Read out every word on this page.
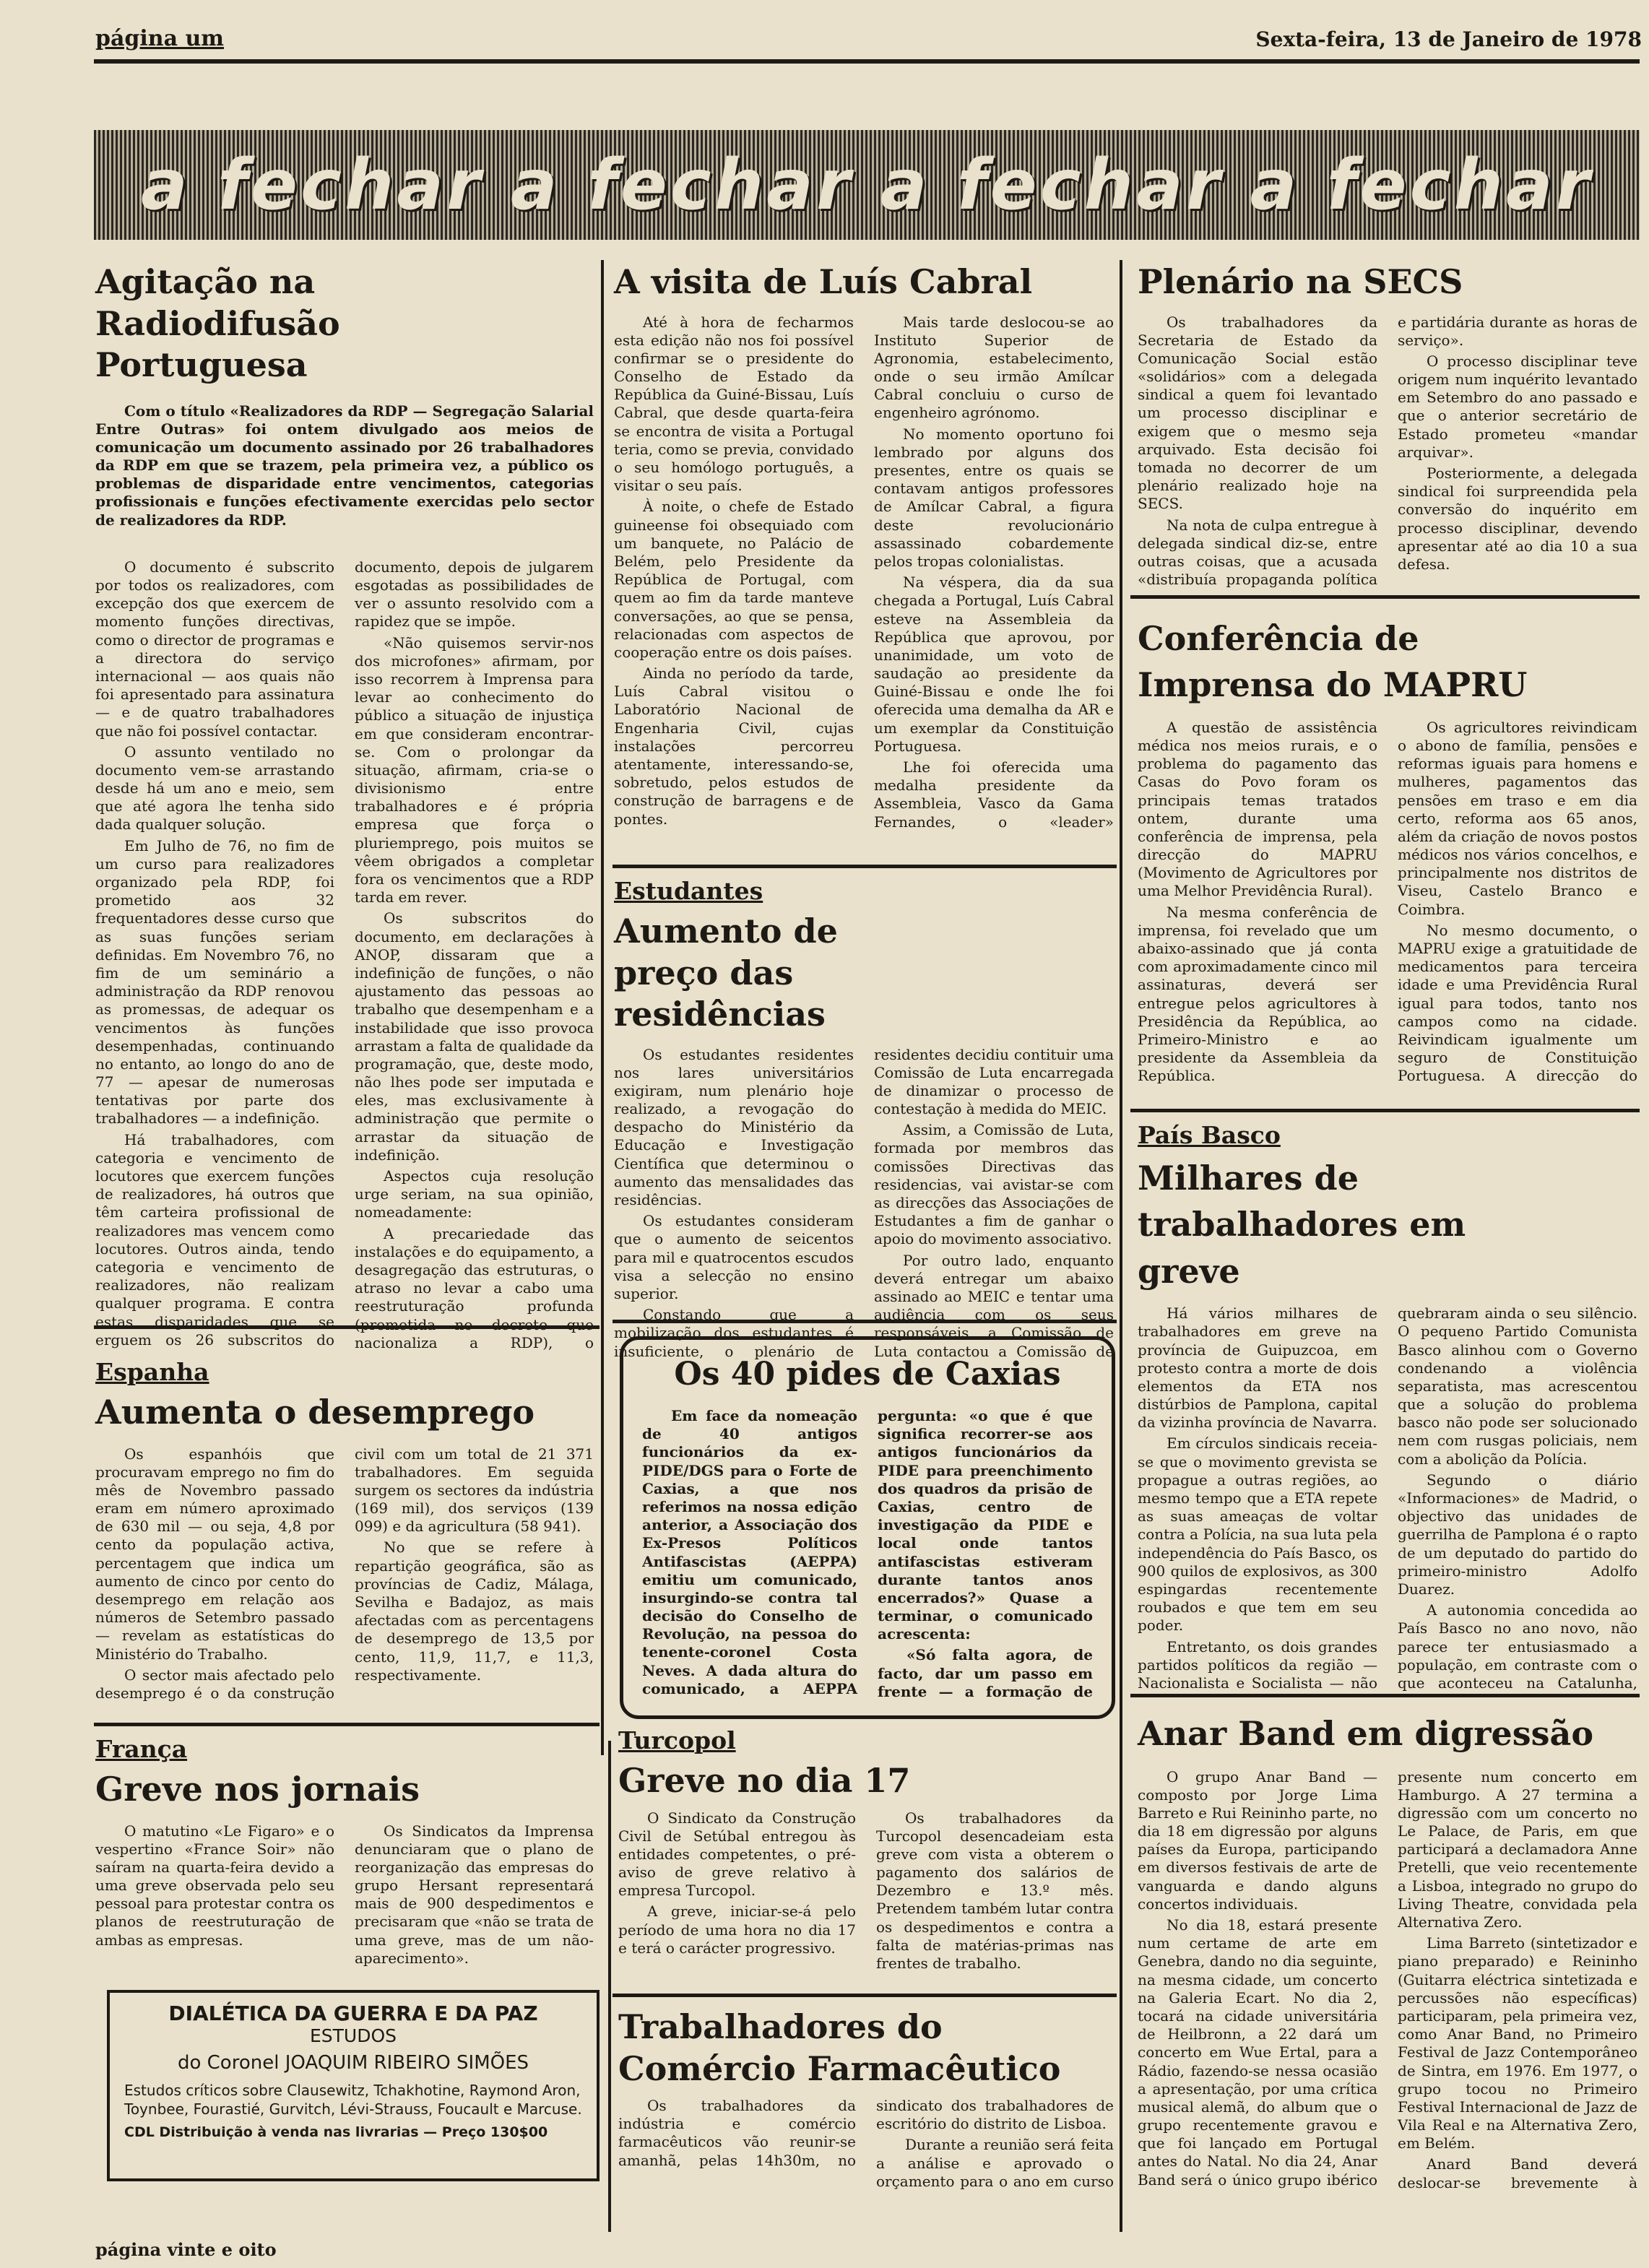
página um	Sexta-feira, 13 de Janeiro de 1978
a fechar a fechar a fechar a fechar
Agitação na Radiodifusão Portuguesa

Com o título «Realizadores da RDP — Segregação Salarial Entre Outras» foi ontem divulgado aos meios de comunicação um documento assinado por 26 trabalhadores da RDP em que se trazem, pela primeira vez, a público os problemas de disparidade entre vencimentos, categorias profissionais e funções efectivamente exercidas pelo sector de realizadores da RDP.

O documento é subscrito por todos os realizadores, com excepção dos que exercem de momento funções directivas, como o director de programas e a directora do serviço internacional — aos quais não foi apresentado para assinatura — e de quatro trabalhadores que não foi possível contactar.

O assunto ventilado no documento vem-se arrastando desde há um ano e meio, sem que até agora lhe tenha sido dada qualquer solução.

Em Julho de 76, no fim de um curso para realizadores organizado pela RDP, foi prometido aos 32 frequentadores desse curso que as suas funções seriam definidas. Em Novembro 76, no fim de um seminário a administração da RDP renovou as promessas, de adequar os vencimentos às funções desempenhadas, continuando no entanto, ao longo do ano de 77 — apesar de numerosas tentativas por parte dos trabalhadores — a indefinição.

Há trabalhadores, com categoria e vencimento de locutores que exercem funções de realizadores, há outros que têm carteira profissional de realizadores mas vencem como locutores. Outros ainda, tendo categoria e vencimento de realizadores, não realizam qualquer programa. E contra estas disparidades que se erguem os 26 subscritos do documento, depois de julgarem esgotadas as possibilidades de ver o assunto resolvido com a rapidez que se impõe.

«Não quisemos servir-nos dos microfones» afirmam, por isso recorrem à Imprensa para levar ao conhecimento do público a situação de injustiça em que consideram encontrar-se. Com o prolongar da situação, afirmam, cria-se o divisionismo entre trabalhadores e é própria empresa que força o pluriemprego, pois muitos se vêem obrigados a completar fora os vencimentos que a RDP tarda em rever.

Os subscritos do documento, em declarações à ANOP, dissaram que a indefinição de funções, o não ajustamento das pessoas ao trabalho que desempenham e a instabilidade que isso provoca arrastam a falta de qualidade da programação, que, deste modo, não lhes pode ser imputada e eles, mas exclusivamente à administração que permite o arrastar da situação de indefinição.

Aspectos cuja resolução urge seriam, na sua opinião, nomeadamente:

A precariedade das instalações e do equipamento, a desagregação das estruturas, o atraso no levar a cabo uma reestruturação profunda (prometida no decreto que nacionaliza a RDP), o

A visita de Luís Cabral

Até à hora de fecharmos esta edição não nos foi possível confirmar se o presidente do Conselho de Estado da República da Guiné-Bissau, Luís Cabral, que desde quarta-feira se encontra de visita a Portugal teria, como se previa, convidado o seu homólogo português, a visitar o seu país.

À noite, o chefe de Estado guineense foi obsequiado com um banquete, no Palácio de Belém, pelo Presidente da República de Portugal, com quem ao fim da tarde manteve conversações, ao que se pensa, relacionadas com aspectos de cooperação entre os dois países.

Ainda no período da tarde, Luís Cabral visitou o Laboratório Nacional de Engenharia Civil, cujas instalações percorreu atentamente, interessando-se, sobretudo, pelos estudos de construção de barragens e de pontes.

Mais tarde deslocou-se ao Instituto Superior de Agronomia, estabelecimento, onde o seu irmão Amílcar Cabral concluiu o curso de engenheiro agrónomo.

No momento oportuno foi lembrado por alguns dos presentes, entre os quais se contavam antigos professores de Amílcar Cabral, a figura deste revolucionário assassinado cobardemente pelos tropas colonialistas.

Na véspera, dia da sua chegada a Portugal, Luís Cabral esteve na Assembleia da República que aprovou, por unanimidade, um voto de saudação ao presidente da Guiné-Bissau e onde lhe foi oferecida uma demalha da AR e um exemplar da Constituição Portuguesa.

Lhe foi oferecida uma medalha presidente da Assembleia, Vasco da Gama Fernandes, o «leader»

Plenário na SECS

Os trabalhadores da Secretaria de Estado da Comunicação Social estão «solidários» com a delegada sindical a quem foi levantado um processo disciplinar e exigem que o mesmo seja arquivado. Esta decisão foi tomada no decorrer de um plenário realizado hoje na SECS.

Na nota de culpa entregue à delegada sindical diz-se, entre outras coisas, que a acusada «distribuía propaganda política e partidária durante as horas de serviço».

O processo disciplinar teve origem num inquérito levantado em Setembro do ano passado e que o anterior secretário de Estado prometeu «mandar arquivar».

Posteriormente, a delegada sindical foi surpreendida pela conversão do inquérito em processo disciplinar, devendo apresentar até ao dia 10 a sua defesa.

Conferência de Imprensa do MAPRU

A questão de assistência médica nos meios rurais, e o problema do pagamento das Casas do Povo foram os principais temas tratados ontem, durante uma conferência de imprensa, pela direcção do MAPRU (Movimento de Agricultores por uma Melhor Previdência Rural).

Na mesma conferência de imprensa, foi revelado que um abaixo-assinado que já conta com aproximadamente cinco mil assinaturas, deverá ser entregue pelos agricultores à Presidência da República, ao Primeiro-Ministro e ao presidente da Assembleia da República.

Os agricultores reivindicam o abono de família, pensões e reformas iguais para homens e mulheres, pagamentos das pensões em traso e em dia certo, reforma aos 65 anos, além da criação de novos postos médicos nos vários concelhos, e principalmente nos distritos de Viseu, Castelo Branco e Coimbra.

No mesmo documento, o MAPRU exige a gratuitidade de medicamentos para terceira idade e uma Previdência Rural igual para todos, tanto nos campos como na cidade. Reivindicam igualmente um seguro de Constituição Portuguesa. A direcção do

Estudantes
Aumento de preço das residências

Os estudantes residentes nos lares universitários exigiram, num plenário hoje realizado, a revogação do despacho do Ministério da Educação e Investigação Científica que determinou o aumento das mensalidades das residências.

Os estudantes consideram que o aumento de seicentos para mil e quatrocentos escudos visa a selecção no ensino superior.

Constando que a mobilização dos estudantes é insuficiente, o plenário de residentes decidiu contituir uma Comissão de Luta encarregada de dinamizar o processo de contestação à medida do MEIC.

Assim, a Comissão de Luta, formada por membros das comissões Directivas das residencias, vai avistar-se com as direcções das Associações de Estudantes a fim de ganhar o apoio do movimento associativo.

Por outro lado, enquanto deverá entregar um abaixo assinado ao MEIC e tentar uma audiência com os seus responsáveis, a Comissão de Luta contactou a Comissão de

País Basco
Milhares de trabalhadores em greve

Há vários milhares de trabalhadores em greve na província de Guipuzcoa, em protesto contra a morte de dois elementos da ETA nos distúrbios de Pamplona, capital da vizinha província de Navarra.

Em círculos sindicais receia-se que o movimento grevista se propague a outras regiões, ao mesmo tempo que a ETA repete as suas ameaças de voltar contra a Polícia, na sua luta pela independência do País Basco, os 900 quilos de explosivos, as 300 espingardas recentemente roubados e que tem em seu poder.

Entretanto, os dois grandes partidos políticos da região — Nacionalista e Socialista — não quebraram ainda o seu silêncio. O pequeno Partido Comunista Basco alinhou com o Governo condenando a violência separatista, mas acrescentou que a solução do problema basco não pode ser solucionado nem com rusgas policiais, nem com a abolição da Polícia.

Segundo o diário «Informaciones» de Madrid, o objectivo das unidades de guerrilha de Pamplona é o rapto de um deputado do partido do primeiro-ministro Adolfo Duarez.

A autonomia concedida ao País Basco no ano novo, não parece ter entusiasmado a população, em contraste com o que aconteceu na Catalunha,

Espanha
Aumenta o desemprego

Os espanhóis que procuravam emprego no fim do mês de Novembro passado eram em número aproximado de 630 mil — ou seja, 4,8 por cento da população activa, percentagem que indica um aumento de cinco por cento do desemprego em relação aos números de Setembro passado — revelam as estatísticas do Ministério do Trabalho.

O sector mais afectado pelo desemprego é o da construção civil com um total de 21 371 trabalhadores. Em seguida surgem os sectores da indústria (169 mil), dos serviços (139 099) e da agricultura (58 941).

No que se refere à repartição geográfica, são as províncias de Cadiz, Málaga, Sevilha e Badajoz, as mais afectadas com as percentagens de desemprego de 13,5 por cento, 11,9, 11,7, e 11,3, respectivamente.

Os 40 pides de Caxias

Em face da nomeação de 40 antigos funcionários da ex-PIDE/DGS para o Forte de Caxias, a que nos referimos na nossa edição anterior, a Associação dos Ex-Presos Políticos Antifascistas (AEPPA) emitiu um comunicado, insurgindo-se contra tal decisão do Conselho de Revolução, na pessoa do tenente-coronel Costa Neves. A dada altura do comunicado, a AEPPA pergunta: «o que é que significa recorrer-se aos antigos funcionários da PIDE para preenchimento dos quadros da prisão de Caxias, centro de investigação da PIDE e local onde tantos antifascistas estiveram durante tantos anos encerrados?» Quase a terminar, o comunicado acrescenta:

«Só falta agora, de facto, dar um passo em frente — a formação de

França
Greve nos jornais

O matutino «Le Figaro» e o vespertino «France Soir» não saíram na quarta-feira devido a uma greve observada pelo seu pessoal para protestar contra os planos de reestruturação de ambas as empresas.

Os Sindicatos da Imprensa denunciaram que o plano de reorganização das empresas do grupo Hersant representará mais de 900 despedimentos e precisaram que «não se trata de uma greve, mas de um não-aparecimento».

Turcopol
Greve no dia 17

O Sindicato da Construção Civil de Setúbal entregou às entidades competentes, o pré-aviso de greve relativo à empresa Turcopol.

A greve, iniciar-se-á pelo período de uma hora no dia 17 e terá o carácter progressivo.

Os trabalhadores da Turcopol desencadeiam esta greve com vista a obterem o pagamento dos salários de Dezembro e 13.º mês. Pretendem também lutar contra os despedimentos e contra a falta de matérias-primas nas frentes de trabalho.

Trabalhadores do Comércio Farmacêutico

Os trabalhadores da indústria e comércio farmacêuticos vão reunir-se amanhã, pelas 14h30m, no sindicato dos trabalhadores de escritório do distrito de Lisboa.

Durante a reunião será feita a análise e aprovado o orçamento para o ano em curso

Anar Band em digressão

O grupo Anar Band — composto por Jorge Lima Barreto e Rui Reininho parte, no dia 18 em digressão por alguns países da Europa, participando em diversos festivais de arte de vanguarda e dando alguns concertos individuais.

No dia 18, estará presente num certame de arte em Genebra, dando no dia seguinte, na mesma cidade, um concerto na Galeria Ecart. No dia 2, tocará na cidade universitária de Heilbronn, a 22 dará um concerto em Wue Ertal, para a Rádio, fazendo-se nessa ocasião a apresentação, por uma crítica musical alemã, do album que o grupo recentemente gravou e que foi lançado em Portugal antes do Natal. No dia 24, Anar Band será o único grupo ibérico presente num concerto em Hamburgo. A 27 termina a digressão com um concerto no Le Palace, de Paris, em que participará a declamadora Anne Pretelli, que veio recentemente a Lisboa, integrado no grupo do Living Theatre, convidada pela Alternativa Zero.

Lima Barreto (sintetizador e piano preparado) e Reininho (Guitarra eléctrica sintetizada e percussões não específicas) participaram, pela primeira vez, como Anar Band, no Primeiro Festival de Jazz Contemporâneo de Sintra, em 1976. Em 1977, o grupo tocou no Primeiro Festival Internacional de Jazz de Vila Real e na Alternativa Zero, em Belém.

Anard Band deverá deslocar-se brevemente à

DIALÉTICA DA GUERRA E DA PAZ
ESTUDOS
do Coronel JOAQUIM RIBEIRO SIMÕES
Estudos críticos sobre Clausewitz, Tchakhotine, Raymond Aron, Toynbee, Fourastié, Gurvitch, Lévi-Strauss, Foucault e Marcuse.
CDL Distribuição à venda nas livrarias — Preço 130$00
página vinte e oito
